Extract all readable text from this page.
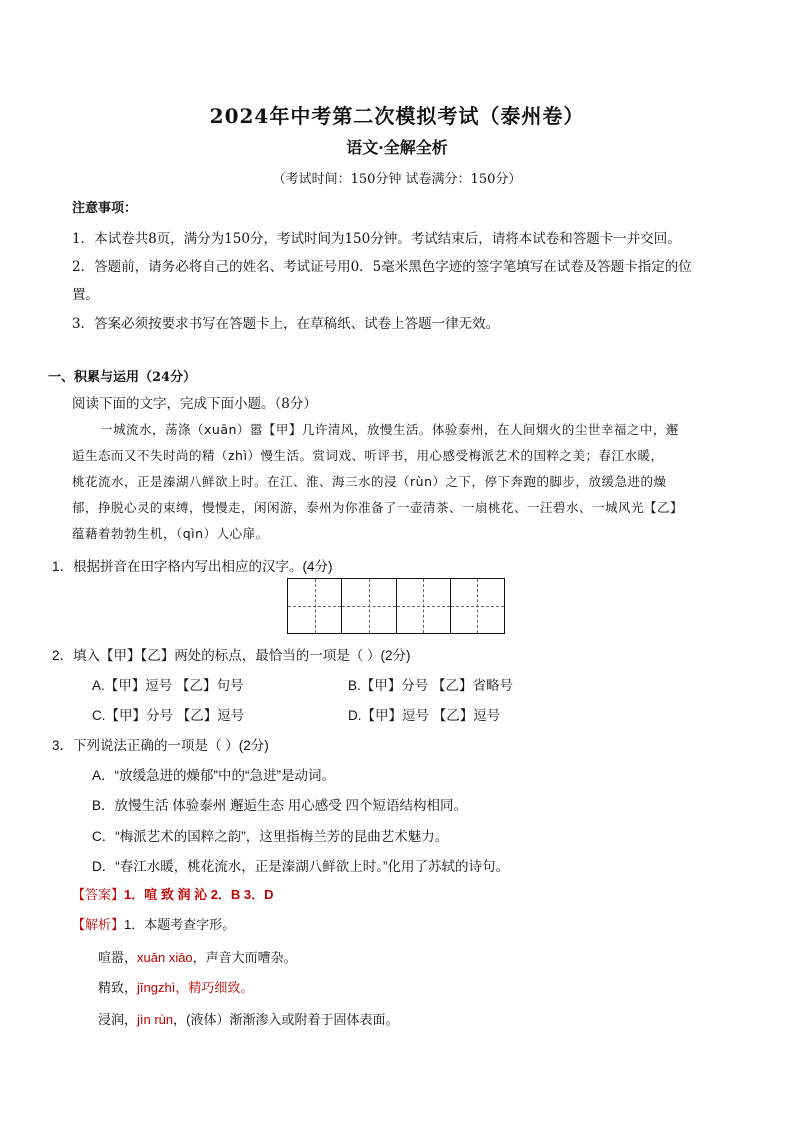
2024年中考第二次模拟考试（泰州卷）
语文·全解全析
（考试时间：150分钟 试卷满分：150分）
注意事项：
1．本试卷共8页，满分为150分，考试时间为150分钟。考试结束后，请将本试卷和答题卡一并交回。
2．答题前，请务必将自己的姓名、考试证号用0．5毫米黑色字迹的签字笔填写在试卷及答题卡指定的位
置。
3．答案必须按要求书写在答题卡上，在草稿纸、试卷上答题一律无效。
一、积累与运用（24分）
阅读下面的文字，完成下面小题。（8分）
一城流水，荡涤（xuān）嚣【甲】几许清风，放慢生活。体验泰州，在人间烟火的尘世幸福之中，邂
逅生态而又不失时尚的精（zhì）慢生活。赏词戏、听评书，用心感受梅派艺术的国粹之美；春江水暖，
桃花流水，正是溱湖八鲜欲上时。在江、淮、海三水的浸（rùn）之下，停下奔跑的脚步，放缓急进的燥
郁，挣脱心灵的束缚，慢慢走，闲闲游，泰州为你准备了一壶清茶、一扇桃花、一汪碧水、一城风光【乙】
蕴藉着勃勃生机，（qìn）人心扉。
1．根据拼音在田字格内写出相应的汉字。(4分)
2．填入【甲】【乙】两处的标点，最恰当的一项是（ ）(2分)
A.【甲】逗号 【乙】句号	B.【甲】分号 【乙】省略号
C.【甲】分号 【乙】逗号	D.【甲】逗号 【乙】逗号
3．下列说法正确的一项是（ ）(2分)
A．“放缓急进的燥郁”中的“急进”是动词。
B．放慢生活 体验泰州 邂逅生态 用心感受 四个短语结构相同。
C．“梅派艺术的国粹之韵”，这里指梅兰芳的昆曲艺术魅力。
D．“春江水暖，桃花流水，正是溱湖八鲜欲上时。”化用了苏轼的诗句。
【答案】1．喧 致 润 沁 2．B 3．D
【解析】1．本题考查字形。
喧嚣，xuān xiāo，声音大而嘈杂。
精致，jīngzhì，精巧细致。
浸润，jìn rùn，(液体）渐渐渗入或附着于固体表面。
